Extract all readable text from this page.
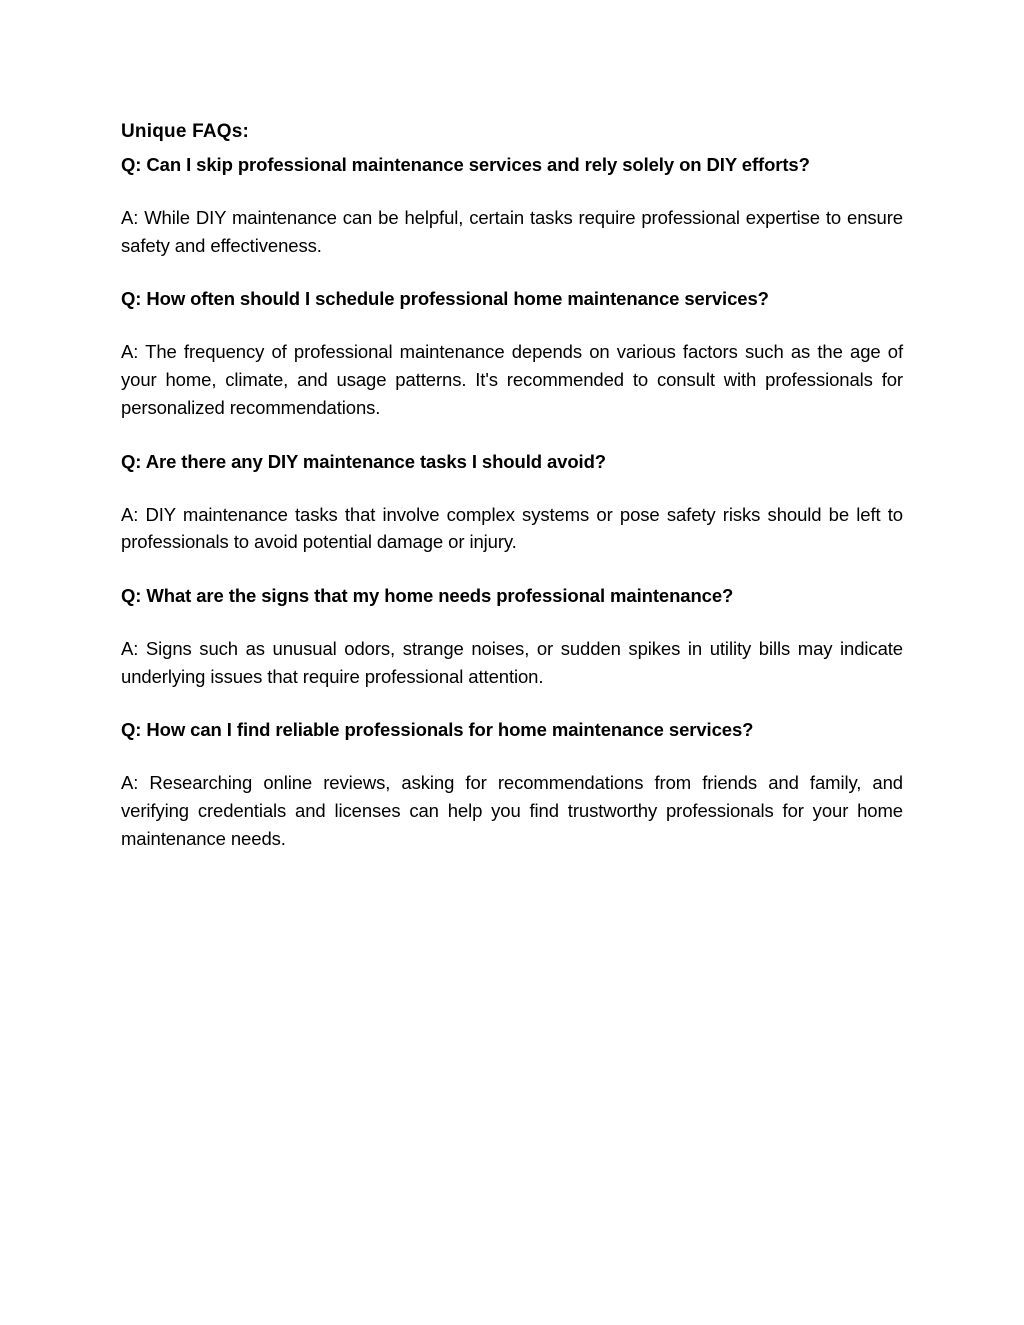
Unique FAQs:

Q: Can I skip professional maintenance services and rely solely on DIY efforts?

A: While DIY maintenance can be helpful, certain tasks require professional expertise to ensure safety and effectiveness.

Q: How often should I schedule professional home maintenance services?

A: The frequency of professional maintenance depends on various factors such as the age of your home, climate, and usage patterns. It's recommended to consult with professionals for personalized recommendations.

Q: Are there any DIY maintenance tasks I should avoid?

A: DIY maintenance tasks that involve complex systems or pose safety risks should be left to professionals to avoid potential damage or injury.

Q: What are the signs that my home needs professional maintenance?

A: Signs such as unusual odors, strange noises, or sudden spikes in utility bills may indicate underlying issues that require professional attention.

Q: How can I find reliable professionals for home maintenance services?

A: Researching online reviews, asking for recommendations from friends and family, and verifying credentials and licenses can help you find trustworthy professionals for your home maintenance needs.
